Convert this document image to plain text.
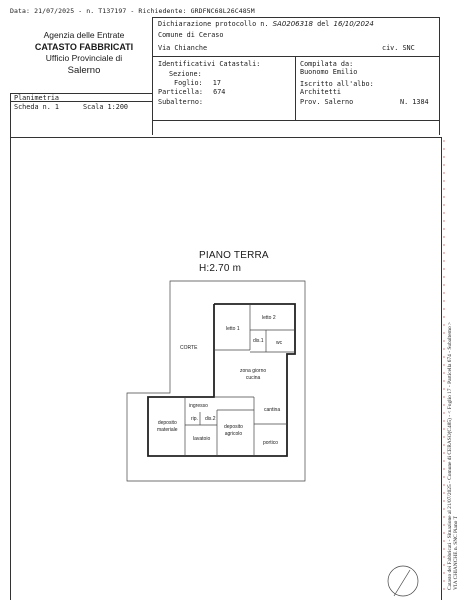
Data: 21/07/2025 - n. T137197 - Richiedente: GRDFNC68L26C485M
Agenzia delle Entrate
CATASTO FABBRICATI
Ufficio Provinciale di
Salerno
Dichiarazione protocollo n. SA0206318 del 16/10/2024
Comune di Ceraso
Via Chianche	civ. SNC
Identificativi Catastali:
Sezione:
Foglio: 17
Particella: 674
Subalterno:
Compilata da:
Buonomo Emilio
Iscritto all'albo:
Architetti
Prov. Salerno	N. 1384
Planimetria
Scheda n. 1	Scala 1:200
PIANO TERRA
H:2.70 m
letto 1
letto 2
dis.1 wc
CORTE
zona giorno
cucina
ingresso
rip. dis.2
cantina
deposito
materiale
lavatoio
deposito
agricolo
portico	Catasto dei Fabbricati - Situazione al 21/07/2025 - Comune di CERASO(C485) - < Foglio 17 - Particella 674 - Subalterno > VIA CHIANCHE n. SNC Piano T
